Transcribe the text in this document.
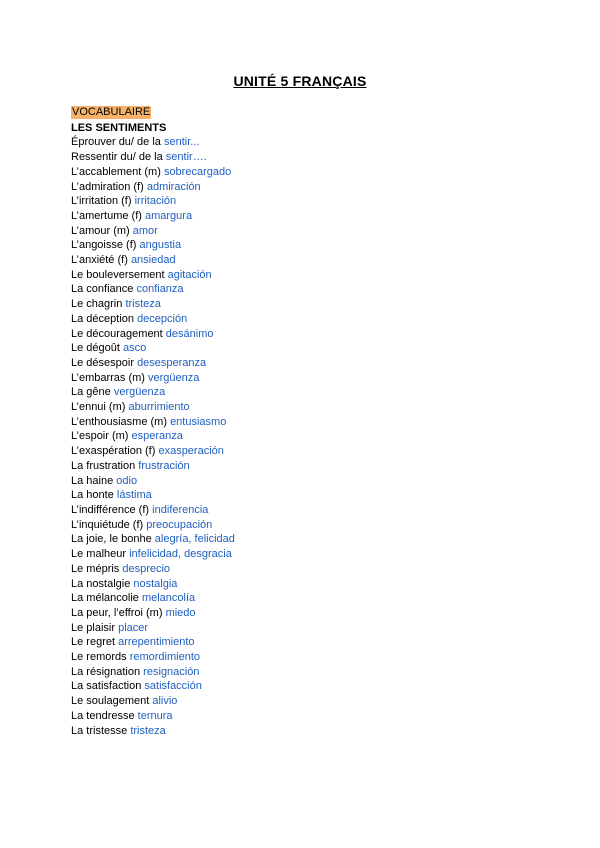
UNITÉ 5 FRANÇAIS
VOCABULAIRE
LES SENTIMENTS
Éprouver du/ de la sentir...
Ressentir du/ de la sentir….
L’accablement (m) sobrecargado
L’admiration (f) admiración
L’irritation (f) irritación
L’amertume (f) amargura
L’amour (m) amor
L’angoisse (f) angustia
L’anxiété (f) ansiedad
Le bouleversement agitación
La confiance confianza
Le chagrin tristeza
La déception decepción
Le découragement desánimo
Le dégoût asco
Le désespoir desesperanza
L’embarras (m) vergüenza
La gêne vergüenza
L’ennui (m) aburrimiento
L’enthousiasme (m) entusiasmo
L’espoir (m) esperanza
L’exaspération (f) exasperación
La frustration frustración
La haine odio
La honte lástima
L’indifférence (f) indiferencia
L’inquiétude (f) preocupación
La joie, le bonhe alegría, felicidad
Le malheur infelicidad, desgracia
Le mépris desprecio
La nostalgie nostalgia
La mélancolie melancolía
La peur, l’effroi (m) miedo
Le plaisir placer
Le regret arrepentimiento
Le remords remordimiento
La résignation resignación
La satisfaction satisfacción
Le soulagement alivio
La tendresse ternura
La tristesse tristeza
